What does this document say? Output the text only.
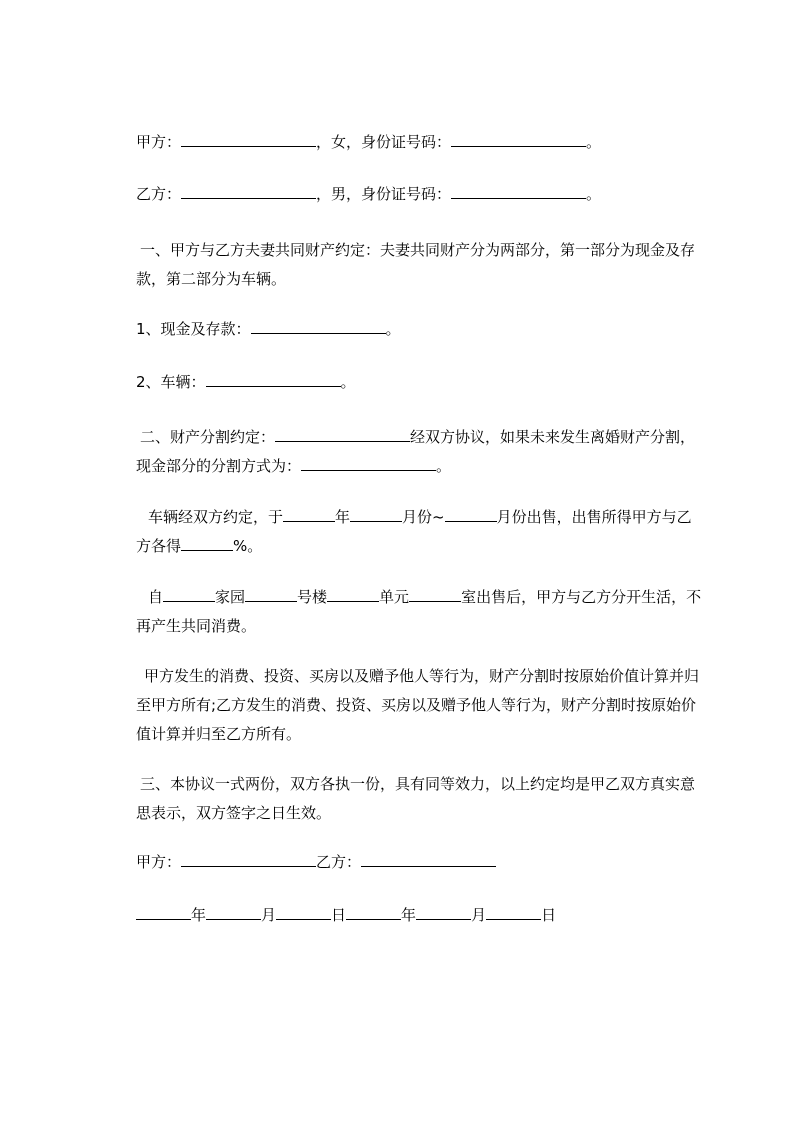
甲方：	，女，身份证号码：	。
乙方：	，男，身份证号码：	。
一、甲方与乙方夫妻共同财产约定：夫妻共同财产分为两部分，第一部分为现金及存款，第二部分为车辆。
1、现金及存款：	。
2、车辆：	。
二、财产分割约定：	经双方协议，如果未来发生离婚财产分割，现金部分的分割方式为：	。
车辆经双方约定，于	年	月份~	月份出售，出售所得甲方与乙方各得	%。
自	家园	号楼	单元	室出售后，甲方与乙方分开生活，不再产生共同消费。
甲方发生的消费、投资、买房以及赠予他人等行为，财产分割时按原始价值计算并归至甲方所有;乙方发生的消费、投资、买房以及赠予他人等行为，财产分割时按原始价值计算并归至乙方所有。
三、本协议一式两份，双方各执一份，具有同等效力，以上约定均是甲乙双方真实意思表示，双方签字之日生效。
甲方：	乙方：
年	月	日	年	月	日
